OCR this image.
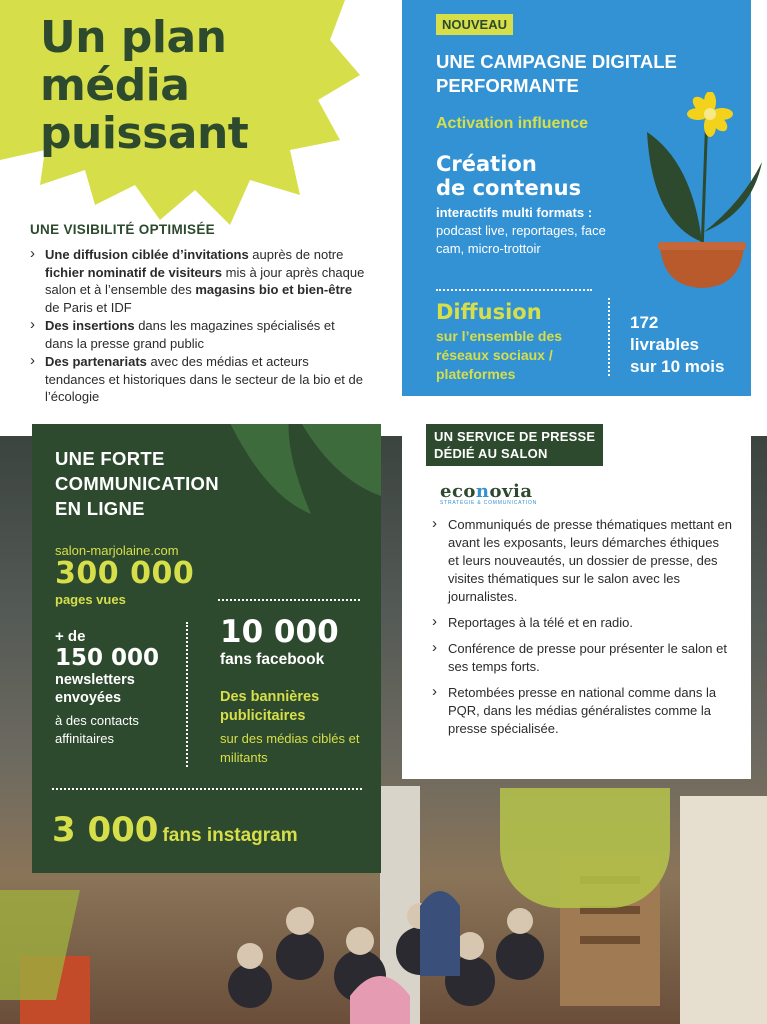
Un plan
média
puissant
UNE VISIBILITÉ OPTIMISÉE
› Une diffusion ciblée d’invitations auprès de notre fichier nominatif de visiteurs mis à jour après chaque salon et à l’ensemble des magasins bio et bien-être de Paris et IDF
› Des insertions dans les magazines spécialisés et dans la presse grand public
› Des partenariats avec des médias et acteurs tendances et historiques dans le secteur de la bio et de l’écologie
NOUVEAU
UNE CAMPAGNE DIGITALE PERFORMANTE
Activation influence
Création
de contenus
interactifs multi formats : podcast live, reportages, face cam, micro-trottoir
Diffusion
sur l’ensemble des réseaux sociaux / plateformes
172
livrables
sur 10 mois
UNE FORTE
COMMUNICATION
EN LIGNE
salon-marjolaine.com
300 000
pages vues
+ de
150 000
newsletters
envoyées
à des contacts affinitaires
10 000
fans facebook
Des bannières
publicitaires
sur des médias ciblés et militants
3 000 fans instagram
UN SERVICE DE PRESSE
DÉDIÉ AU SALON
econovia
STRATÉGIE & COMMUNICATION
› Communiqués de presse thématiques mettant en avant les exposants, leurs démarches éthiques et leurs nouveautés, un dossier de presse, des visites thématiques sur le salon avec les journalistes.
› Reportages à la télé et en radio.
› Conférence de presse pour présenter le salon et ses temps forts.
› Retombées presse en national comme dans la PQR, dans les médias généralistes comme la presse spécialisée.
